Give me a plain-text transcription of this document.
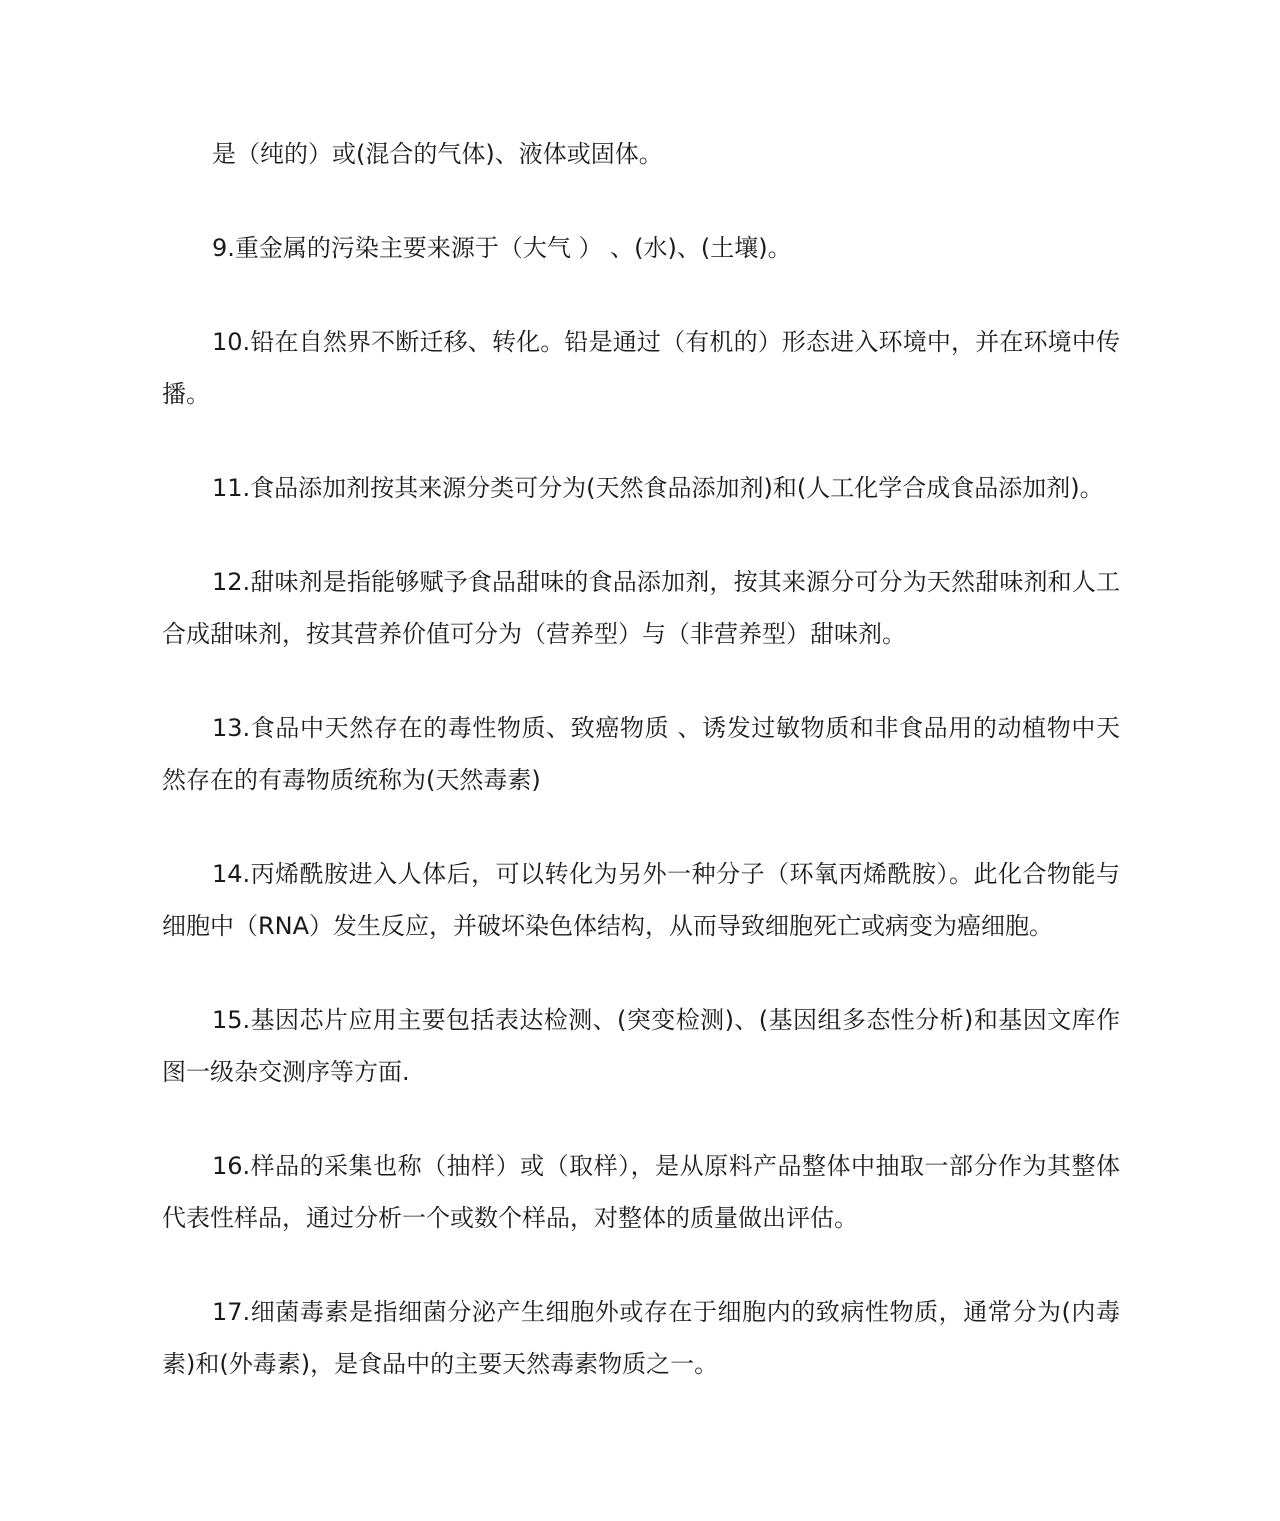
是（纯的）或(混合的气体)、液体或固体。

9.重金属的污染主要来源于（大气 ） 、(水)、(土壤)。

10.铅在自然界不断迁移、转化。铅是通过（有机的）形态进入环境中，并在环境中传播。

11.食品添加剂按其来源分类可分为(天然食品添加剂)和(人工化学合成食品添加剂)。

12.甜味剂是指能够赋予食品甜味的食品添加剂，按其来源分可分为天然甜味剂和人工合成甜味剂，按其营养价值可分为（营养型）与（非营养型）甜味剂。

13.食品中天然存在的毒性物质、致癌物质 、诱发过敏物质和非食品用的动植物中天然存在的有毒物质统称为(天然毒素)

14.丙烯酰胺进入人体后，可以转化为另外一种分子（环氧丙烯酰胺）。此化合物能与细胞中（RNA）发生反应，并破坏染色体结构，从而导致细胞死亡或病变为癌细胞。

15.基因芯片应用主要包括表达检测、(突变检测)、(基因组多态性分析)和基因文库作图一级杂交测序等方面.

16.样品的采集也称（抽样）或（取样），是从原料产品整体中抽取一部分作为其整体代表性样品，通过分析一个或数个样品，对整体的质量做出评估。

17.细菌毒素是指细菌分泌产生细胞外或存在于细胞内的致病性物质，通常分为(内毒素)和(外毒素)，是食品中的主要天然毒素物质之一。
